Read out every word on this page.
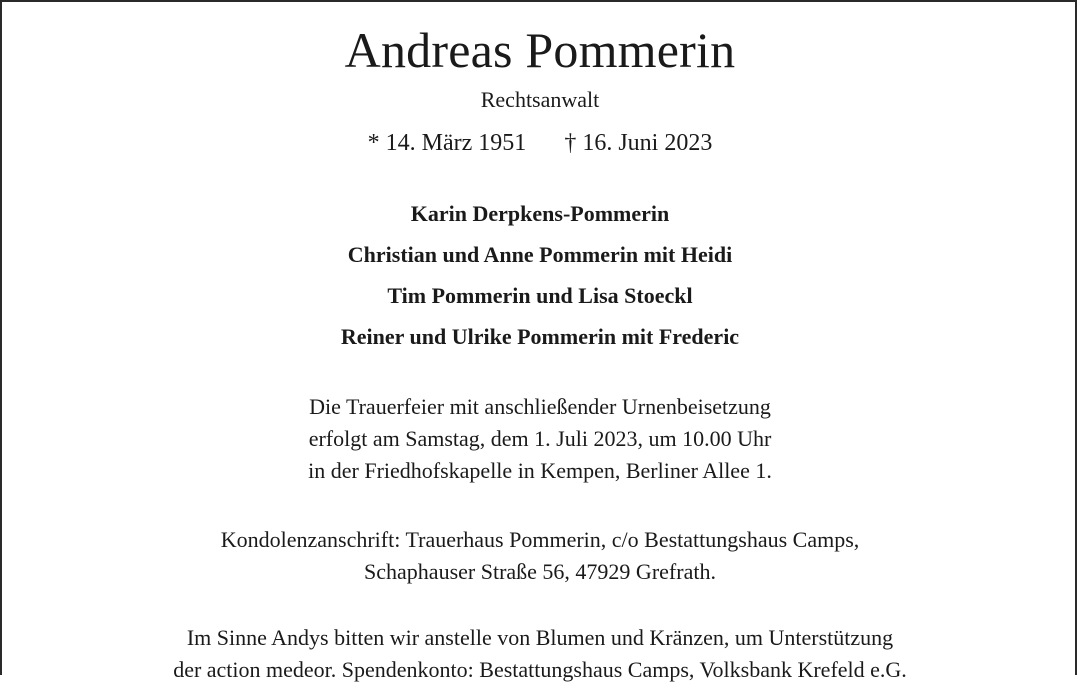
Andreas Pommerin
Rechtsanwalt
* 14. März 1951 † 16. Juni 2023
Karin Derpkens-Pommerin
Christian und Anne Pommerin mit Heidi
Tim Pommerin und Lisa Stoeckl
Reiner und Ulrike Pommerin mit Frederic
Die Trauerfeier mit anschließender Urnenbeisetzung
erfolgt am Samstag, dem 1. Juli 2023, um 10.00 Uhr
in der Friedhofskapelle in Kempen, Berliner Allee 1.
Kondolenzanschrift: Trauerhaus Pommerin, c/o Bestattungshaus Camps,
Schaphauser Straße 56, 47929 Grefrath.
Im Sinne Andys bitten wir anstelle von Blumen und Kränzen, um Unterstützung
der action medeor. Spendenkonto: Bestattungshaus Camps, Volksbank Krefeld e.G.
